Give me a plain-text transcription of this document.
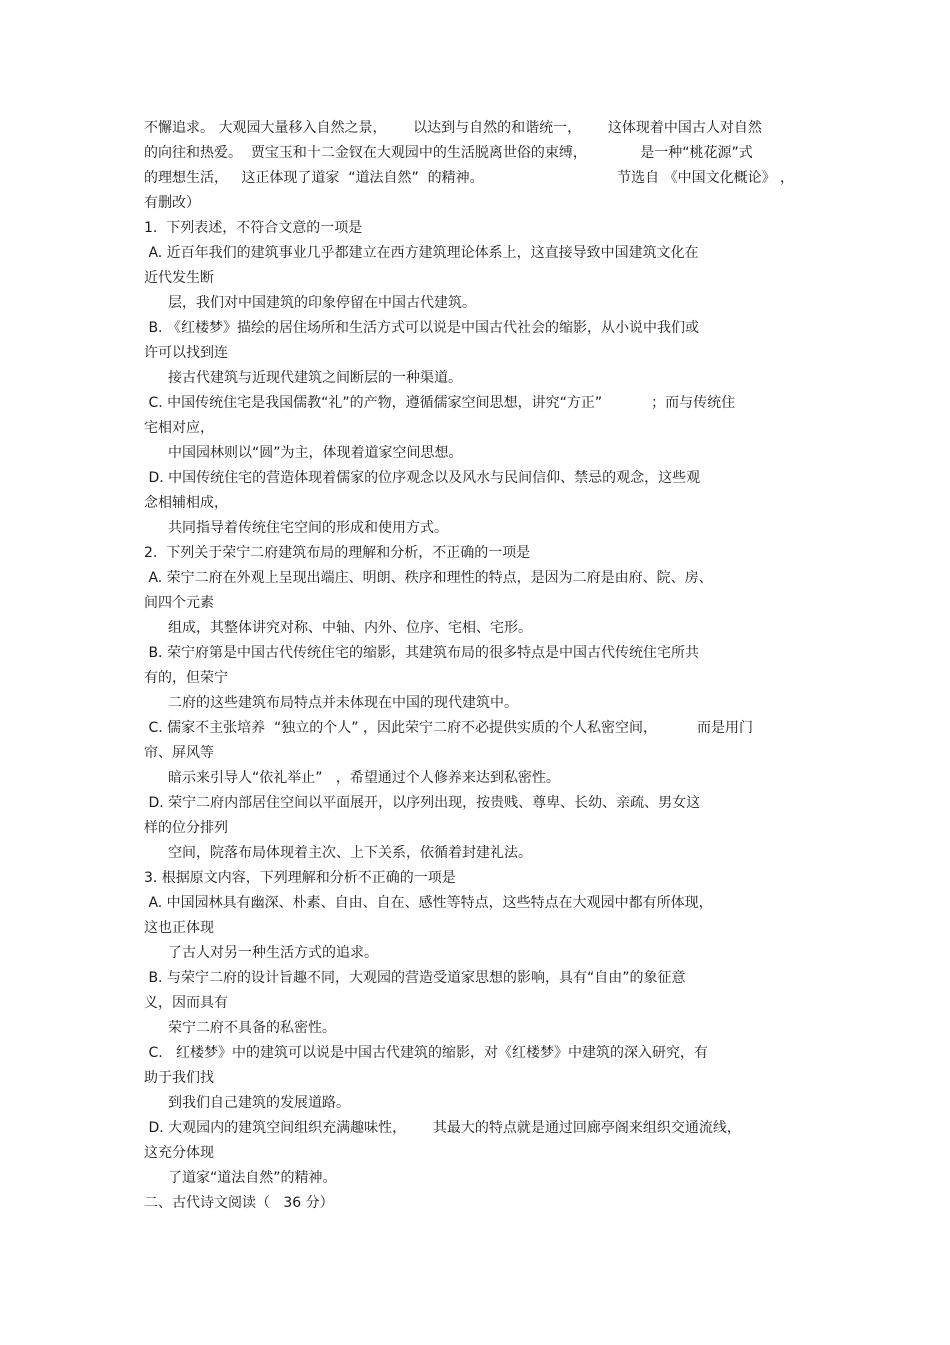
不懈追求。 大观园大量移入自然之景，      以达到与自然的和谐统一，      这体现着中国古人对自然
的向往和热爱。  贾宝玉和十二金钗在大观园中的生活脱离世俗的束缚，            是一种“桃花源”式
的理想生活，   这正体现了道家  “道法自然”  的精神。                              节选自 《中国文化概论》 ，
有删改）
1.  下列表述，不符合文意的一项是
A. 近百年我们的建筑事业几乎都建立在西方建筑理论体系上，这直接导致中国建筑文化在
近代发生断
层，我们对中国建筑的印象停留在中国古代建筑。
B. 《红楼梦》描绘的居住场所和生活方式可以说是中国古代社会的缩影，从小说中我们或
许可以找到连
接古代建筑与近现代建筑之间断层的一种渠道。
C. 中国传统住宅是我国儒教“礼”的产物，遵循儒家空间思想，讲究“方正”           ；而与传统住
宅相对应，
中国园林则以“圆”为主，体现着道家空间思想。
D. 中国传统住宅的营造体现着儒家的位序观念以及风水与民间信仰、禁忌的观念，这些观
念相辅相成，
共同指导着传统住宅空间的形成和使用方式。
2.  下列关于荣宁二府建筑布局的理解和分析，不正确的一项是
A. 荣宁二府在外观上呈现出端庄、明朗、秩序和理性的特点，是因为二府是由府、院、房、
间四个元素
组成，其整体讲究对称、中轴、内外、位序、宅相、宅形。
B. 荣宁府第是中国古代传统住宅的缩影，其建筑布局的很多特点是中国古代传统住宅所共
有的，但荣宁
二府的这些建筑布局特点并未体现在中国的现代建筑中。
C. 儒家不主张培养  “独立的个人” ，因此荣宁二府不必提供实质的个人私密空间，         而是用门
帘、屏风等
暗示来引导人“依礼举止”   ，希望通过个人修养来达到私密性。
D. 荣宁二府内部居住空间以平面展开，以序列出现，按贵贱、尊卑、长幼、亲疏、男女这
样的位分排列
空间，院落布局体现着主次、上下关系，依循着封建礼法。
3. 根据原文内容，下列理解和分析不正确的一项是
A. 中国园林具有幽深、朴素、自由、自在、感性等特点，这些特点在大观园中都有所体现，
这也正体现
了古人对另一种生活方式的追求。
B. 与荣宁二府的设计旨趣不同，大观园的营造受道家思想的影响，具有“自由”的象征意
义，因而具有
荣宁二府不具备的私密性。
C.   红楼梦》中的建筑可以说是中国古代建筑的缩影，对《红楼梦》中建筑的深入研究，有
助于我们找
到我们自己建筑的发展道路。
D. 大观园内的建筑空间组织充满趣味性，      其最大的特点就是通过回廊亭阁来组织交通流线，
这充分体现
了道家“道法自然”的精神。
二、古代诗文阅读（   36 分）
